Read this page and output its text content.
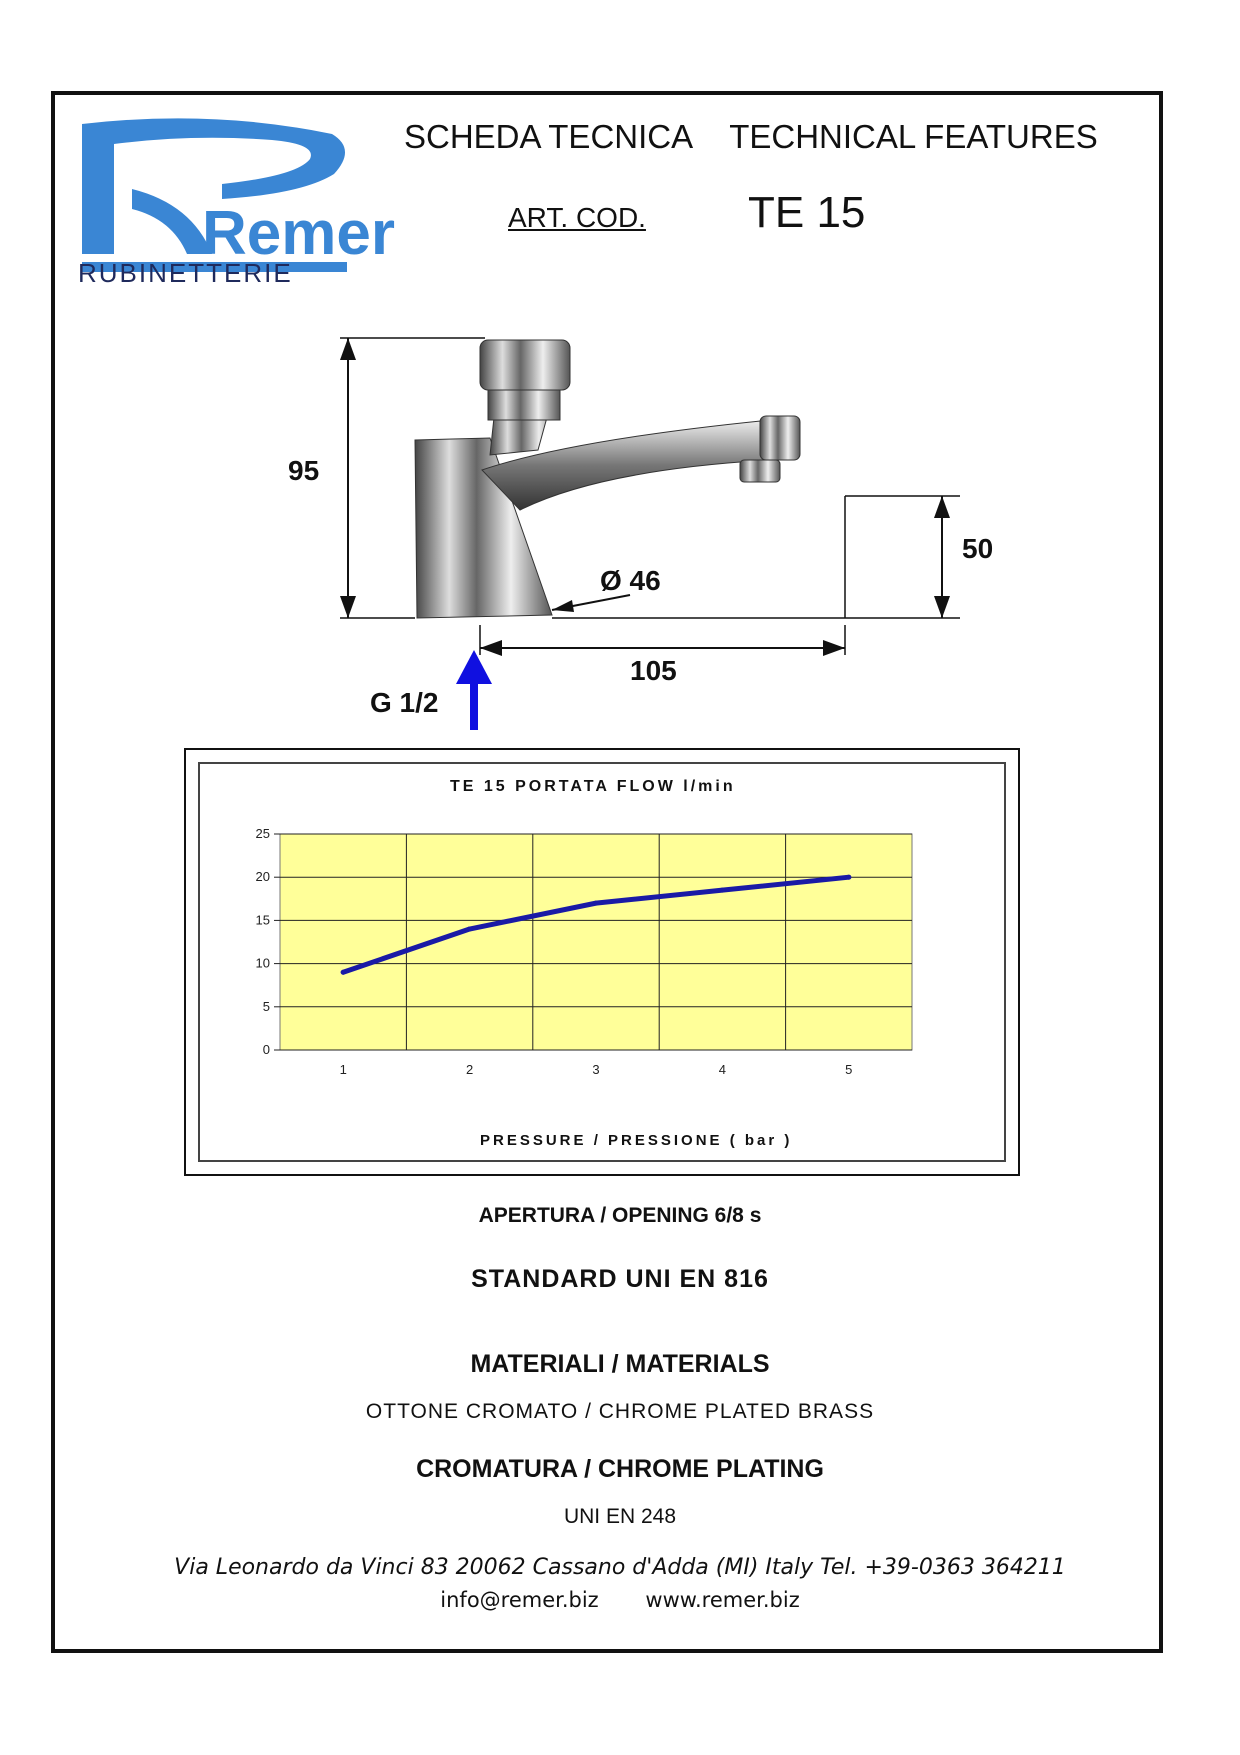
Remer
RUBINETTERIE
SCHEDA TECNICA TECHNICAL FEATURES
ART. COD. TE 15
95
50
Ø 46
105
G 1/2
TE 15 PORTATA FLOW l/min
0
5
10
15
20
25
1	2	3	4	5
PRESSURE / PRESSIONE ( bar )
APERTURA / OPENING 6/8 s
STANDARD UNI EN 816
MATERIALI / MATERIALS
OTTONE CROMATO / CHROME PLATED BRASS
CROMATURA / CHROME PLATING
UNI EN 248
Via Leonardo da Vinci 83 20062 Cassano d'Adda (MI) Italy Tel. +39-0363 364211
info@remer.biz www.remer.biz
